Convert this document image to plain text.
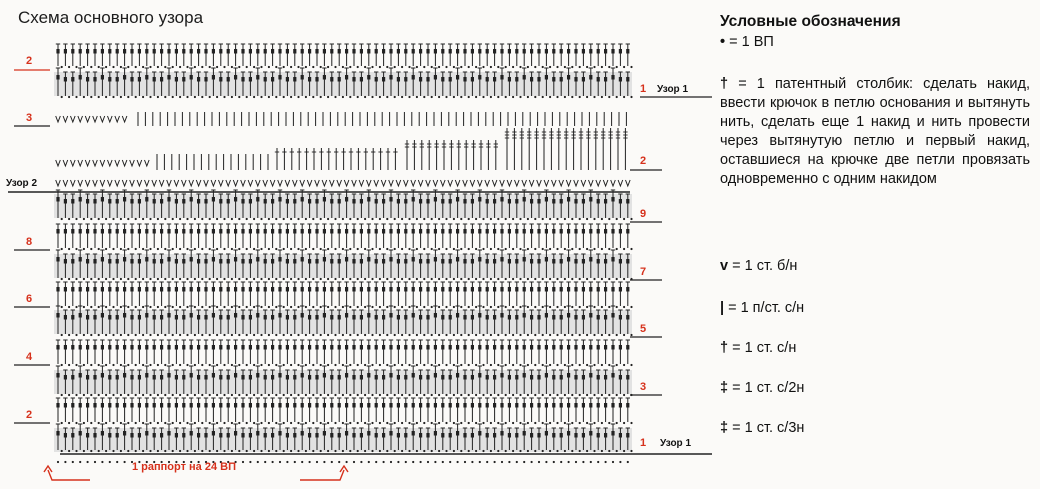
Схема основного узора
2
3
8
6
4
2
1
2
9
7
5
3
1
Узор 1
Узор 1
Узор 2
1 раппорт на 24 ВП
Условные обозначения
• = 1 ВП

† = 1 патентный столбик: сделать накид, ввести крючок в петлю основания и вытянуть нить, сделать еще 1 накид и нить провести через вытянутую петлю и первый накид, оставшиеся на крючке две петли провязать одновременно с одним накидом

v = 1 ст. б/н
| = 1 п/ст. с/н
† = 1 ст. с/н
‡ = 1 ст. с/2н
‡ = 1 ст. с/3н
